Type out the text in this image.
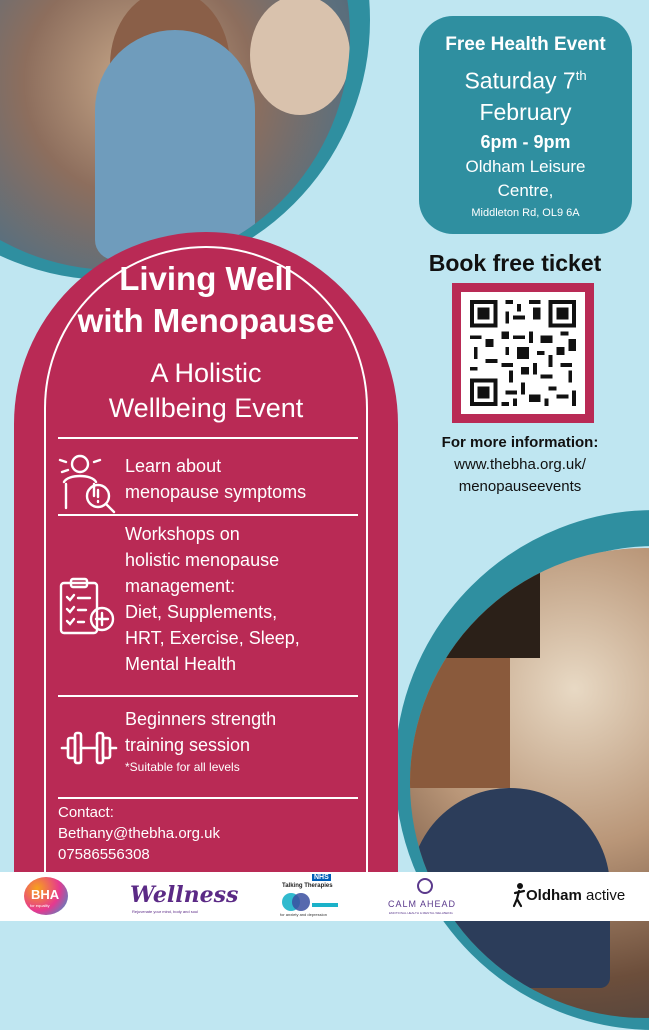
Living Well
with Menopause
A Holistic
Wellbeing Event
Learn about
menopause symptoms
Workshops on
holistic menopause
management:
Diet, Supplements,
HRT, Exercise, Sleep,
Mental Health
Beginners strength
training session
*Suitable for all levels
Contact:
Bethany@thebha.org.uk
07586556308
Free Health Event
Saturday 7th
February
6pm - 9pm
Oldham Leisure
Centre,
Middleton Rd, OL9 6A
Book free ticket
For more information:
www.thebha.org.uk/
menopauseevents
BHA
for equality	Wellness
Rejuvenate your mind, body and soul
NHS
Talking Therapies
for anxiety and depression
CALM AHEAD
EMOTIONAL HEALTH & MENTAL WELLBEING
Oldham active
